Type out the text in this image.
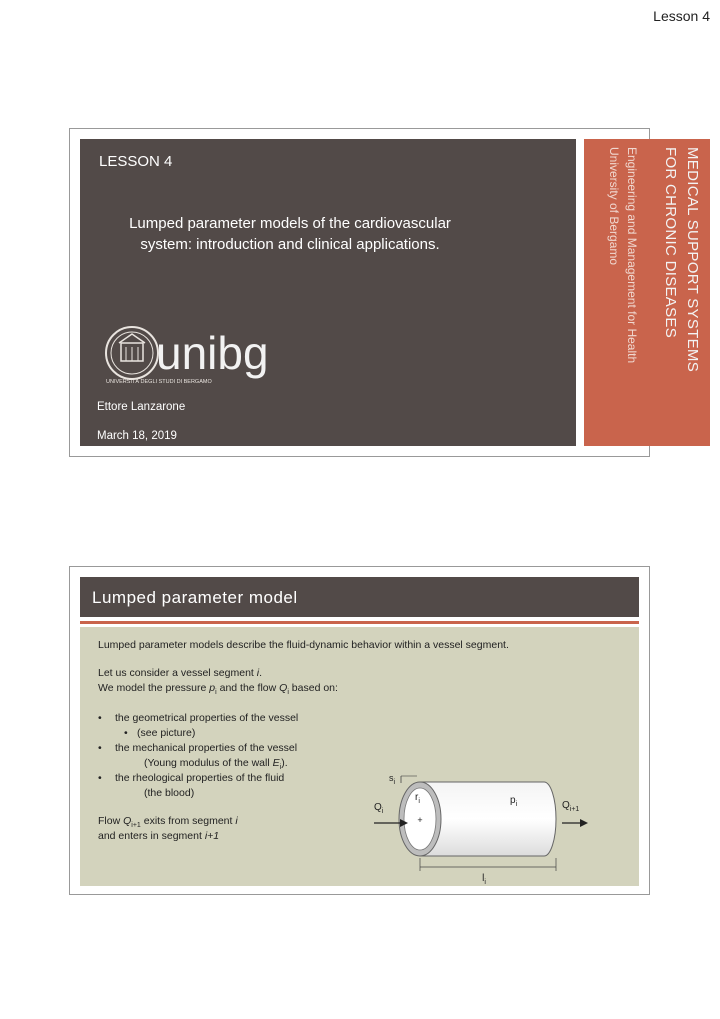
Lesson 4
LESSON 4
Lumped parameter models of the cardiovascular
system: introduction and clinical applications.
unibg
UNIVERSITÀ DEGLI STUDI DI BERGAMO
Ettore Lanzarone
March 18, 2019
MEDICAL SUPPORT SYSTEMS
FOR CHRONIC DISEASES
Engineering and Management for Health
University of Bergamo
Lumped parameter model
Lumped parameter models describe the fluid-dynamic behavior within a vessel segment.
Let us consider a vessel segment i.
We model the pressure $p_i$ and the flow $Q_i$ based on:
• the geometrical properties of the vessel
• (see picture)
• the mechanical properties of the vessel
(Young modulus of the wall $E_i$).
• the rheological properties of the fluid
(the blood)
Flow $Q_{i+1}$ exits from segment i
and enters in segment i+1
+
$r_i$
$s_i$
$p_i$
$Q_i$
$Q_{i+1}$
$l_i$
